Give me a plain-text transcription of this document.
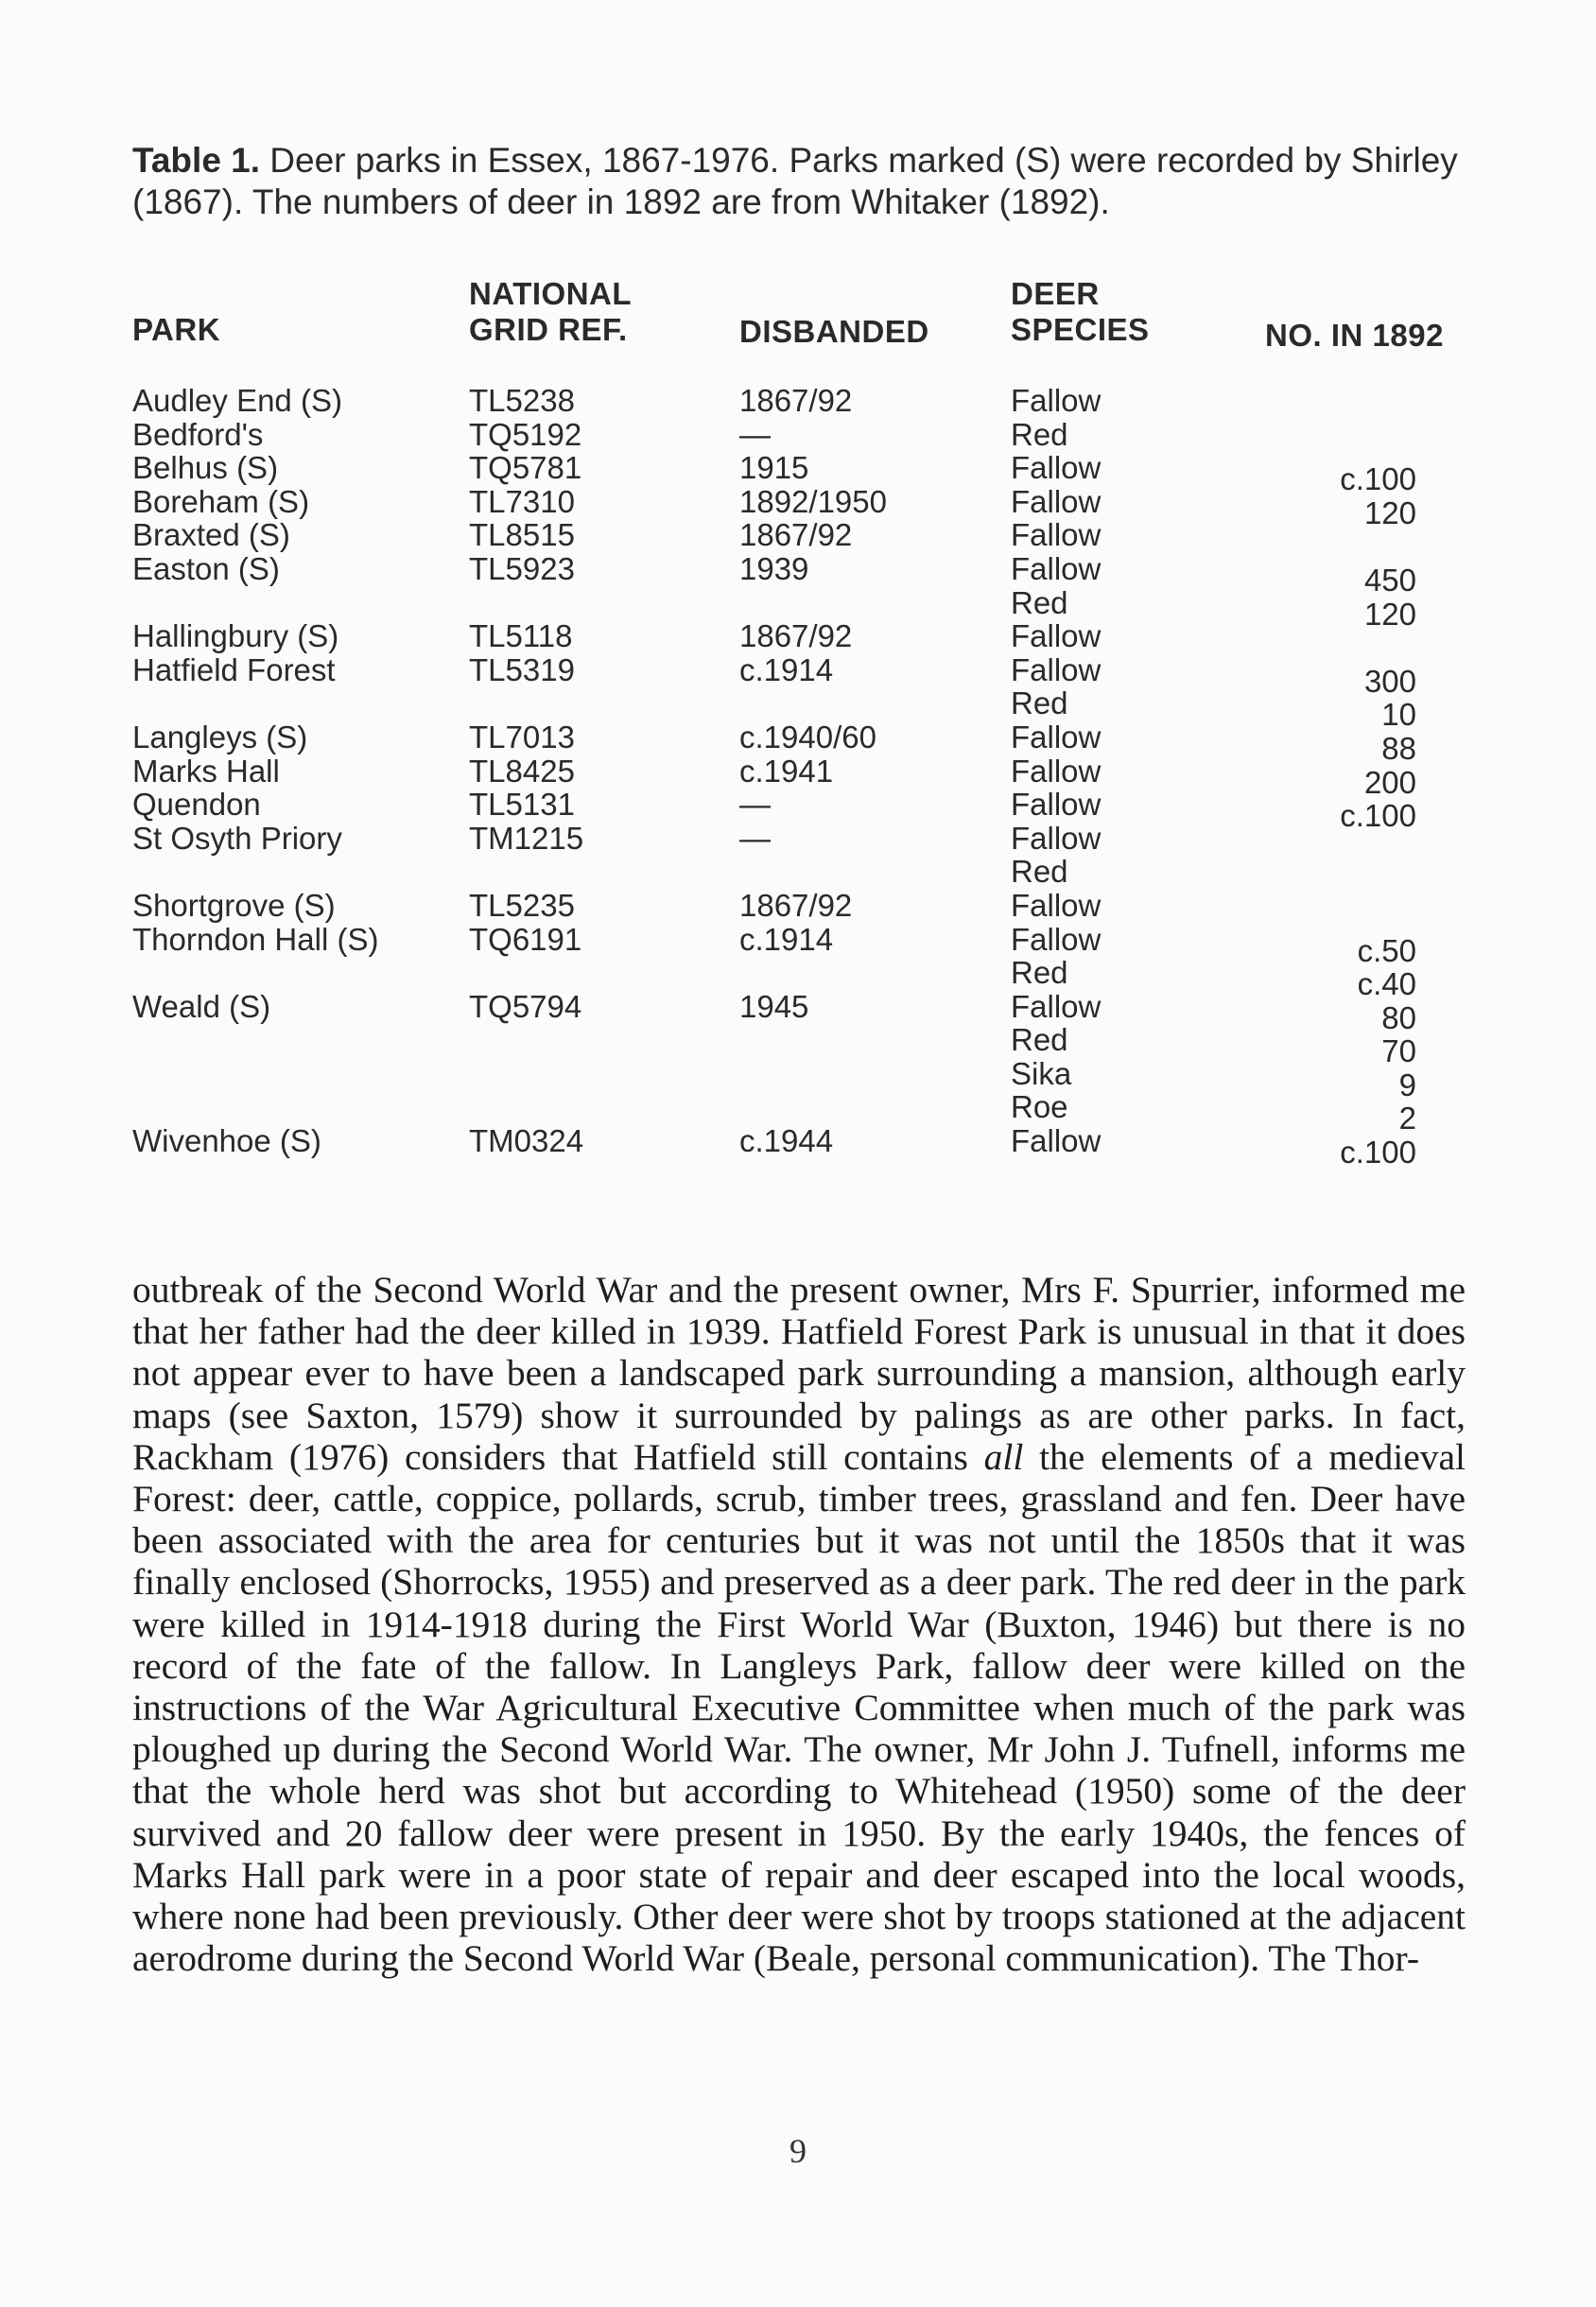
Table 1. Deer parks in Essex, 1867-1976. Parks marked (S) were recorded by Shirley (1867). The numbers of deer in 1892 are from Whitaker (1892).
PARK
NATIONAL
GRID REF.	DISBANDED
DEER
SPECIES	NO. IN 1892
Audley End (S)
Bedford's
Belhus (S)
Boreham (S)
Braxted (S)
Easton (S)
Hallingbury (S)
Hatfield Forest
Langleys (S)
Marks Hall
Quendon
St Osyth Priory
Shortgrove (S)
Thorndon Hall (S)
Weald (S)
Wivenhoe (S)
TL5238
TQ5192
TQ5781
TL7310
TL8515
TL5923
TL5118
TL5319
TL7013
TL8425
TL5131
TM1215
TL5235
TQ6191
TQ5794
TM0324
1867/92
—
1915
1892/1950
1867/92
1939
1867/92
c.1914
c.1940/60
c.1941
—
—
1867/92
c.1914
1945
c.1944
Fallow
Red
Fallow
Fallow
Fallow
Fallow
Red
Fallow
Fallow
Red
Fallow
Fallow
Fallow
Fallow
Red
Fallow
Fallow
Red
Fallow
Red
Sika
Roe
Fallow
c.100
120
450
120
300
10
88
200
c.100
c.50
c.40
80
70
9
2
c.100

outbreak of the Second World War and the present owner, Mrs F. Spurrier, informed me that her father had the deer killed in 1939. Hatfield Forest Park is unusual in that it does not appear ever to have been a landscaped park surrounding a mansion, although early maps (see Saxton, 1579) show it surrounded by palings as are other parks. In fact, Rackham (1976) considers that Hatfield still contains all the elements of a medieval Forest: deer, cattle, coppice, pollards, scrub, timber trees, grassland and fen. Deer have been associated with the area for centuries but it was not until the 1850s that it was finally enclosed (Shorrocks, 1955) and preserved as a deer park. The red deer in the park were killed in 1914-1918 during the First World War (Buxton, 1946) but there is no record of the fate of the fallow. In Langleys Park, fallow deer were killed on the instructions of the War Agricultural Executive Committee when much of the park was ploughed up during the Second World War. The owner, Mr John J. Tufnell, informs me that the whole herd was shot but according to Whitehead (1950) some of the deer survived and 20 fallow deer were present in 1950. By the early 1940s, the fences of Marks Hall park were in a poor state of repair and deer escaped into the local woods, where none had been previously. Other deer were shot by troops stationed at the adjacent aerodrome during the Second World War (Beale, personal communication). The Thor-

9
